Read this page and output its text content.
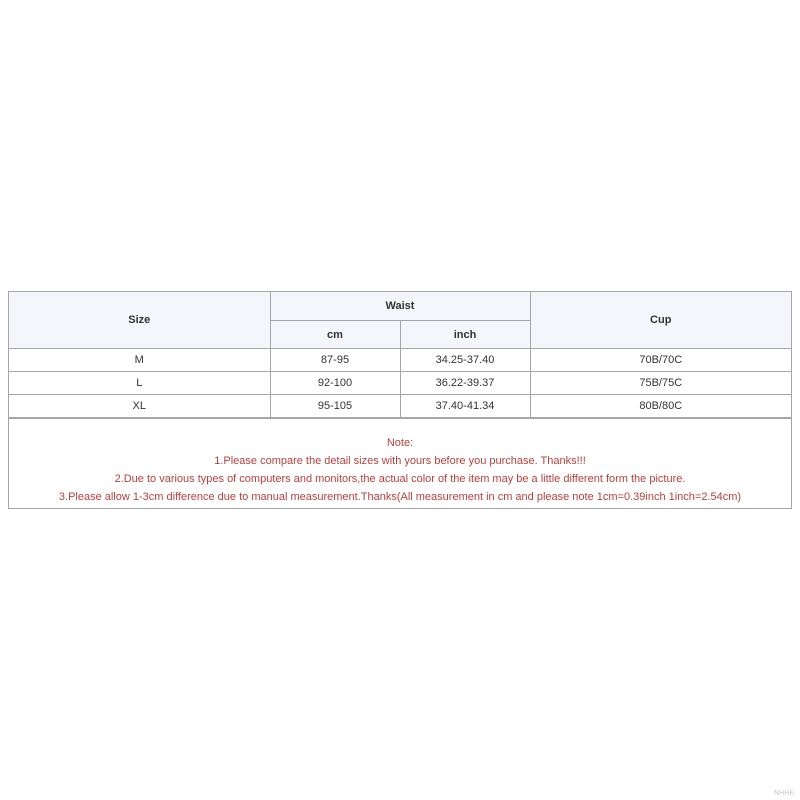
Size	Waist		Cup
	cm	inch	
M	87-95	34.25-37.40	70B/70C
L	92-100	36.22-39.37	75B/75C
XL	95-105	37.40-41.34	80B/80C
Note:
1.Please compare the detail sizes with yours before you purchase. Thanks!!!
2.Due to various types of computers and monitors,the actual color of the item may be a little different form the picture.
3.Please allow 1-3cm difference due to manual measurement.Thanks(All measurement in cm and please note 1cm=0.39inch 1inch=2.54cm)
NHHE
